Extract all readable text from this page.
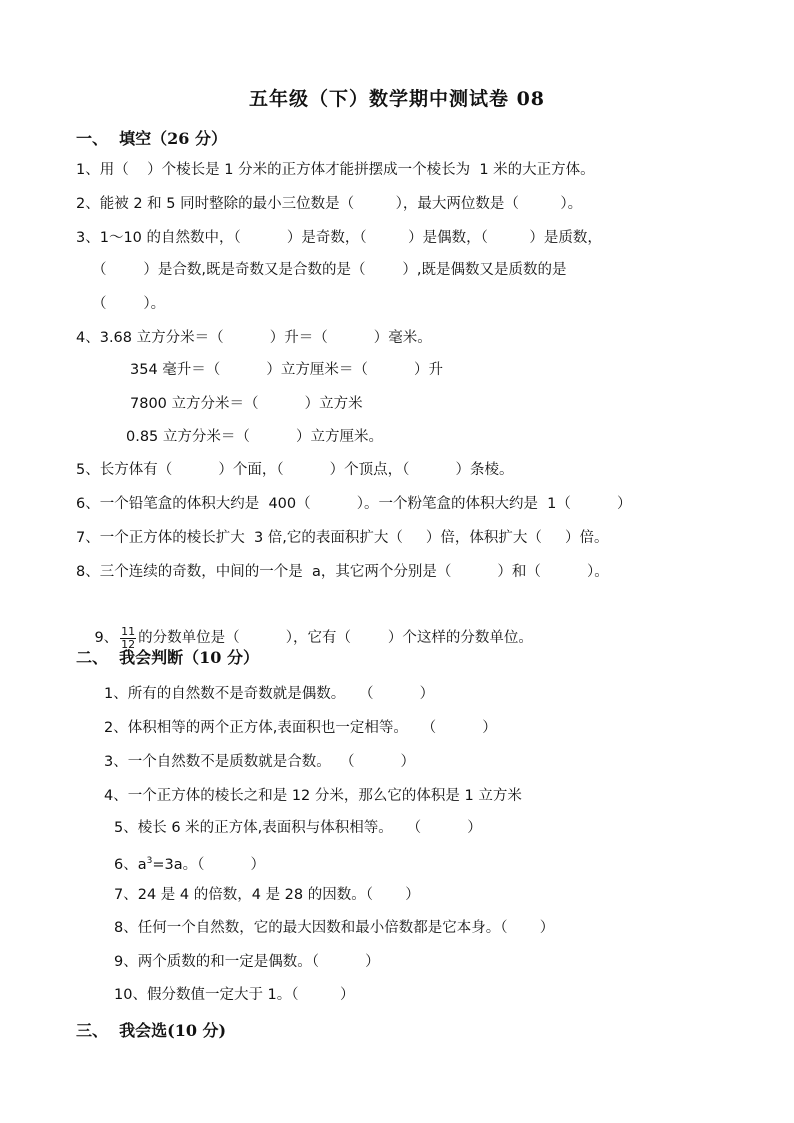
五年级（下）数学期中测试卷 08
一、  填空（26 分）
1、用（    ）个棱长是 1 分米的正方体才能拼摆成一个棱长为  1 米的大正方体。
2、能被 2 和 5 同时整除的最小三位数是（         ），最大两位数是（         ）。
3、1～10 的自然数中，（          ）是奇数，（         ）是偶数，（         ）是质数，
（        ）是合数,既是奇数又是合数的是（        ）,既是偶数又是质数的是
（        ）。
4、3.68 立方分米＝（          ）升＝（          ）毫米。
354 毫升＝（          ）立方厘米＝（          ）升
7800 立方分米＝（          ）立方米
0.85 立方分米＝（          ）立方厘米。
5、长方体有（          ）个面，（          ）个顶点，（          ）条棱。
6、一个铅笔盒的体积大约是  400（          ）。一个粉笔盒的体积大约是  1（          ）
7、一个正方体的棱长扩大  3 倍,它的表面积扩大（     ）倍，体积扩大（     ）倍。
8、三个连续的奇数，中间的一个是  a，其它两个分别是（          ）和（          ）。

9、 $\frac{11}{12}$ 的分数单位是（          ），它有（        ）个这样的分数单位。

二、  我会判断（10 分）
1、所有的自然数不是奇数就是偶数。   （          ）
2、体积相等的两个正方体,表面积也一定相等。   （          ）
3、一个自然数不是质数就是合数。  （          ）
4、一个正方体的棱长之和是 12 分米，那么它的体积是 1 立方米
5、棱长 6 米的正方体,表面积与体积相等。   （          ）
6、$a^3=3a$。（          ）
7、24 是 4 的倍数，4 是 28 的因数。（       ）
8、任何一个自然数，它的最大因数和最小倍数都是它本身。（       ）
9、两个质数的和一定是偶数。（          ）
10、假分数值一定大于 1。（         ）
三、  我会选(10 分)
